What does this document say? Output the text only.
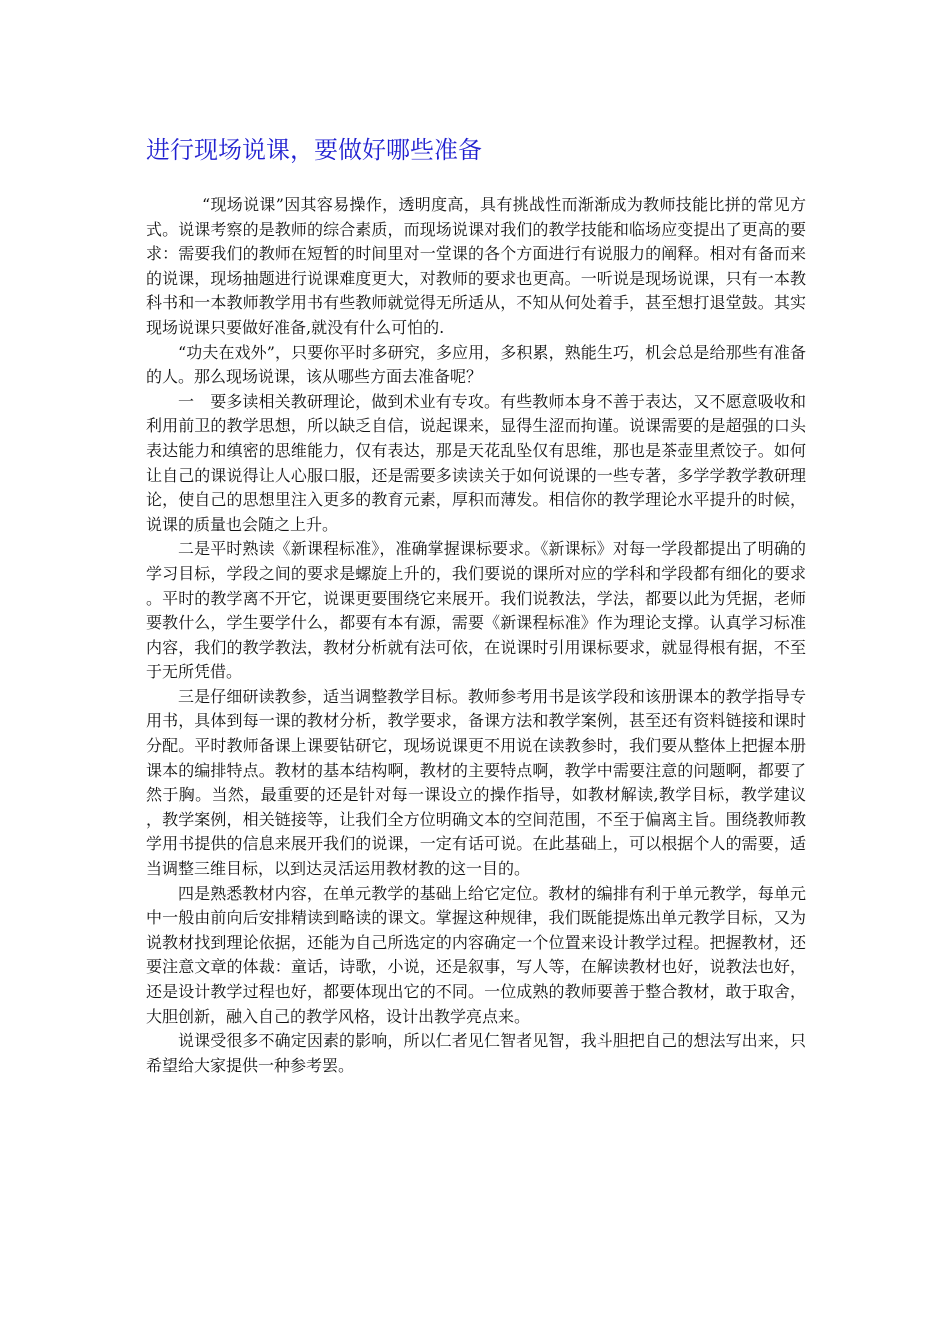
进行现场说课，要做好哪些准备

“现场说课”因其容易操作，透明度高，具有挑战性而渐渐成为教师技能比拼的常见方式。说课考察的是教师的综合素质，而现场说课对我们的教学技能和临场应变提出了更高的要求：需要我们的教师在短暂的时间里对一堂课的各个方面进行有说服力的阐释。相对有备而来的说课，现场抽题进行说课难度更大，对教师的要求也更高。一听说是现场说课，只有一本教科书和一本教师教学用书有些教师就觉得无所适从，不知从何处着手，甚至想打退堂鼓。其实现场说课只要做好准备,就没有什么可怕的.

“功夫在戏外”，只要你平时多研究，多应用，多积累，熟能生巧，机会总是给那些有准备的人。那么现场说课，该从哪些方面去准备呢？

一　要多读相关教研理论，做到术业有专攻。有些教师本身不善于表达，又不愿意吸收和利用前卫的教学思想，所以缺乏自信，说起课来，显得生涩而拘谨。说课需要的是超强的口头表达能力和缜密的思维能力，仅有表达，那是天花乱坠仅有思维，那也是茶壶里煮饺子。如何让自己的课说得让人心服口服，还是需要多读读关于如何说课的一些专著，多学学教学教研理论，使自己的思想里注入更多的教育元素，厚积而薄发。相信你的教学理论水平提升的时候，说课的质量也会随之上升。

二是平时熟读《新课程标准》，准确掌握课标要求。《新课标》对每一学段都提出了明确的学习目标，学段之间的要求是螺旋上升的，我们要说的课所对应的学科和学段都有细化的要求。平时的教学离不开它，说课更要围绕它来展开。我们说教法，学法，都要以此为凭据，老师要教什么，学生要学什么，都要有本有源，需要《新课程标准》作为理论支撑。认真学习标准内容，我们的教学教法，教材分析就有法可依，在说课时引用课标要求，就显得根有据，不至于无所凭借。

三是仔细研读教参，适当调整教学目标。教师参考用书是该学段和该册课本的教学指导专用书，具体到每一课的教材分析，教学要求，备课方法和教学案例，甚至还有资料链接和课时分配。平时教师备课上课要钻研它，现场说课更不用说在读教参时，我们要从整体上把握本册课本的编排特点。教材的基本结构啊，教材的主要特点啊，教学中需要注意的问题啊，都要了然于胸。当然，最重要的还是针对每一课设立的操作指导，如教材解读,教学目标，教学建议，教学案例，相关链接等，让我们全方位明确文本的空间范围，不至于偏离主旨。围绕教师教学用书提供的信息来展开我们的说课，一定有话可说。在此基础上，可以根据个人的需要，适当调整三维目标，以到达灵活运用教材教的这一目的。

四是熟悉教材内容，在单元教学的基础上给它定位。教材的编排有利于单元教学，每单元中一般由前向后安排精读到略读的课文。掌握这种规律，我们既能提炼出单元教学目标，又为说教材找到理论依据，还能为自己所选定的内容确定一个位置来设计教学过程。把握教材，还要注意文章的体裁：童话，诗歌，小说，还是叙事，写人等，在解读教材也好，说教法也好，还是设计教学过程也好，都要体现出它的不同。一位成熟的教师要善于整合教材，敢于取舍，大胆创新，融入自己的教学风格，设计出教学亮点来。

说课受很多不确定因素的影响，所以仁者见仁智者见智，我斗胆把自己的想法写出来，只希望给大家提供一种参考罢。
